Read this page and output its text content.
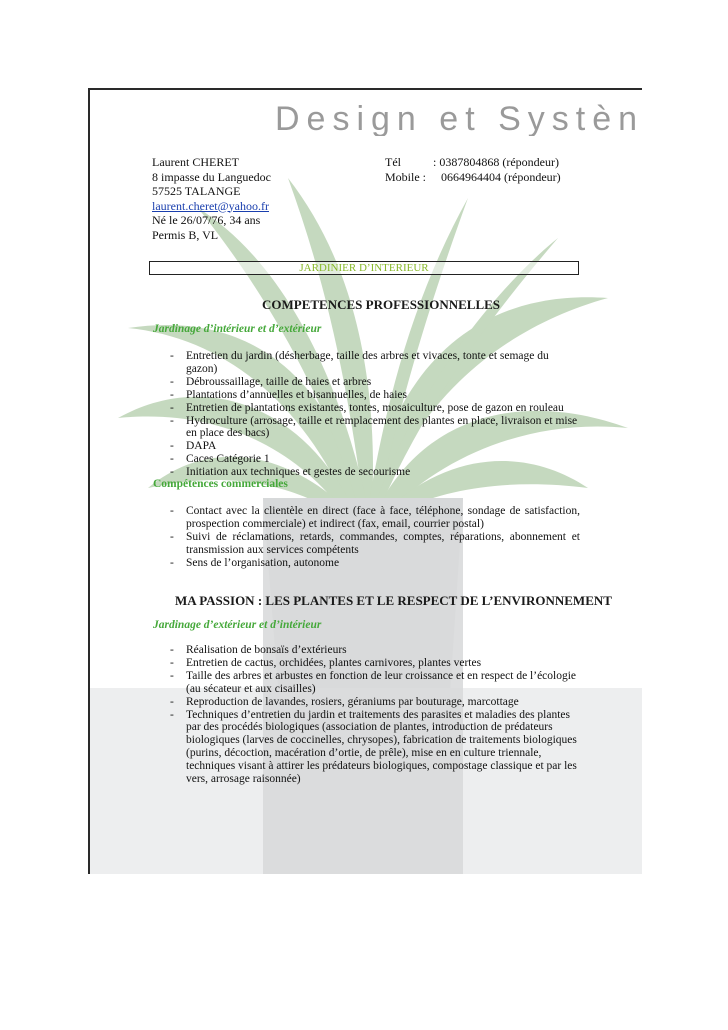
Design et Systèn
Laurent CHERET
8 impasse du Languedoc
57525 TALANGE
laurent.cheret@yahoo.fr
Né le 26/07/76, 34 ans
Permis B, VL
Tél	: 0387804868 (répondeur)
Mobile :	0664964404 (répondeur)
JARDINIER D’INTERIEUR
COMPETENCES PROFESSIONNELLES
Jardinage d’intérieur et d’extérieur
- Entretien du jardin (désherbage, taille des arbres et vivaces, tonte et semage du gazon)
- Débroussaillage, taille de haies et arbres
- Plantations d’annuelles et bisannuelles, de haies
- Entretien de plantations existantes, tontes, mosaiculture, pose de gazon en rouleau
- Hydroculture (arrosage, taille et remplacement des plantes en place, livraison et mise en place des bacs)
- DAPA
- Caces Catégorie 1
- Initiation aux techniques et gestes de secourisme
Compétences commerciales
- Contact avec la clientèle en direct (face à face, téléphone, sondage de satisfaction, prospection commerciale) et indirect (fax, email, courrier postal)
- Suivi de réclamations, retards, commandes, comptes, réparations, abonnement et transmission aux services compétents
- Sens de l’organisation, autonome
MA PASSION : LES PLANTES ET LE RESPECT DE L’ENVIRONNEMENT
Jardinage d’extérieur et d’intérieur
- Réalisation de bonsaïs d’extérieurs
- Entretien de cactus, orchidées, plantes carnivores, plantes vertes
- Taille des arbres et arbustes en fonction de leur croissance et en respect de l’écologie (au sécateur et aux cisailles)
- Reproduction de lavandes, rosiers, géraniums par bouturage, marcottage
- Techniques d’entretien du jardin et traitements des parasites et maladies des plantes par des procédés biologiques (association de plantes, introduction de prédateurs biologiques (larves de coccinelles, chrysopes), fabrication de traitements biologiques (purins, décoction, macération d’ortie, de prêle), mise en en culture triennale, techniques visant à attirer les prédateurs biologiques, compostage classique et par les vers, arrosage raisonnée)
